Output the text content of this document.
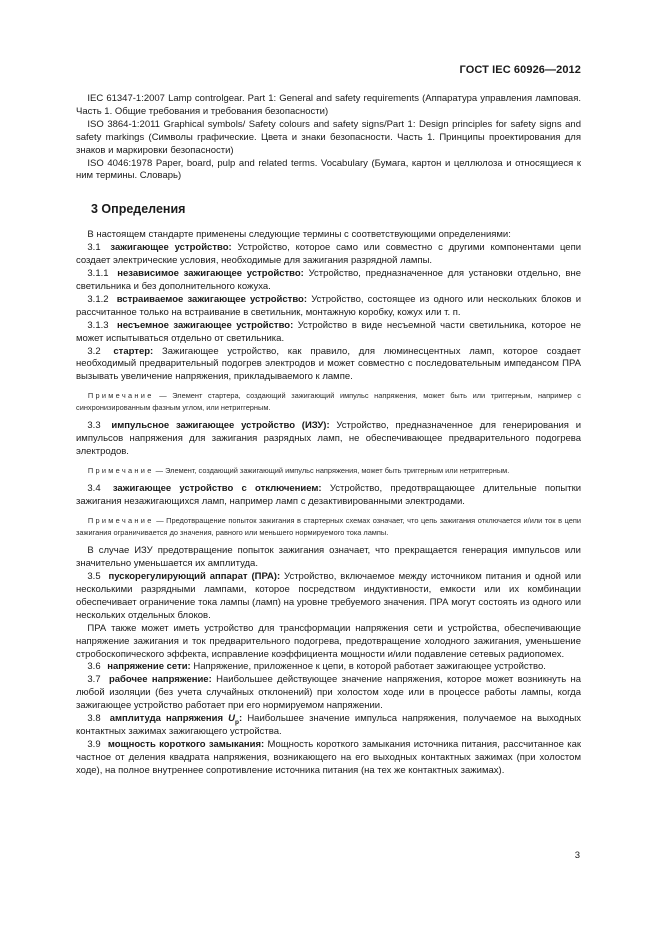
ГОСТ IEC 60926—2012

IEC 61347-1:2007 Lamp controlgear. Part 1: General and safety requirements (Аппаратура управления ламповая. Часть 1. Общие требования и требования безопасности)

ISO 3864-1:2011 Graphical symbols/ Safety colours and safety signs/Part 1: Design principles for safety signs and safety markings (Символы графические. Цвета и знаки безопасности. Часть 1. Принципы проектирования для знаков и маркировки безопасности)

ISO 4046:1978 Paper, board, pulp and related terms. Vocabulary (Бумага, картон и целлюлоза и относящиеся к ним термины. Словарь)

3 Определения

В настоящем стандарте применены следующие термины с соответствующими определениями:

3.1 зажигающее устройство: Устройство, которое само или совместно с другими компонентами цепи создает электрические условия, необходимые для зажигания разрядной лампы.

3.1.1 независимое зажигающее устройство: Устройство, предназначенное для установки отдельно, вне светильника и без дополнительного кожуха.

3.1.2 встраиваемое зажигающее устройство: Устройство, состоящее из одного или нескольких блоков и рассчитанное только на встраивание в светильник, монтажную коробку, кожух или т. п.

3.1.3 несъемное зажигающее устройство: Устройство в виде несъемной части светильника, которое не может испытываться отдельно от светильника.

3.2 стартер: Зажигающее устройство, как правило, для люминесцентных ламп, которое создает необходимый предварительный подогрев электродов и может совместно с последовательным импедансом ПРА вызывать увеличение напряжения, прикладываемого к лампе.

Примечание — Элемент стартера, создающий зажигающий импульс напряжения, может быть или триггерным, например с синхронизированным фазным углом, или нетриггерным.

3.3 импульсное зажигающее устройство (ИЗУ): Устройство, предназначенное для генерирования и импульсов напряжения для зажигания разрядных ламп, не обеспечивающее предварительного подогрева электродов.

Примечание — Элемент, создающий зажигающий импульс напряжения, может быть триггерным или нетриггерным.

3.4 зажигающее устройство с отключением: Устройство, предотвращающее длительные попытки зажигания незажигающихся ламп, например ламп с дезактивированными электродами.

Примечание — Предотвращение попыток зажигания в стартерных схемах означает, что цепь зажигания отключается и/или ток в цепи зажигания ограничивается до значения, равного или меньшего нормируемого тока лампы.

В случае ИЗУ предотвращение попыток зажигания означает, что прекращается генерация импульсов или значительно уменьшается их амплитуда.

3.5 пускорегулирующий аппарат (ПРА): Устройство, включаемое между источником питания и одной или несколькими разрядными лампами, которое посредством индуктивности, емкости или их комбинации обеспечивает ограничение тока лампы (ламп) на уровне требуемого значения. ПРА могут состоять из одного или нескольких отдельных блоков.

ПРА также может иметь устройство для трансформации напряжения сети и устройства, обеспечивающие напряжение зажигания и ток предварительного подогрева, предотвращение холодного зажигания, уменьшение стробоскопического эффекта, исправление коэффициента мощности и/или подавление сетевых радиопомех.

3.6 напряжение сети: Напряжение, приложенное к цепи, в которой работает зажигающее устройство.

3.7 рабочее напряжение: Наибольшее действующее значение напряжения, которое может возникнуть на любой изоляции (без учета случайных отклонений) при холостом ходе или в процессе работы лампы, когда зажигающее устройство работает при его нормируемом напряжении.

3.8 амплитуда напряжения $U_p$: Наибольшее значение импульса напряжения, получаемое на выходных контактных зажимах зажигающего устройства.

3.9 мощность короткого замыкания: Мощность короткого замыкания источника питания, рассчитанное как частное от деления квадрата напряжения, возникающего на его выходных контактных зажимах (при холостом ходе), на полное внутреннее сопротивление источника питания (на тех же контактных зажимах).

3
